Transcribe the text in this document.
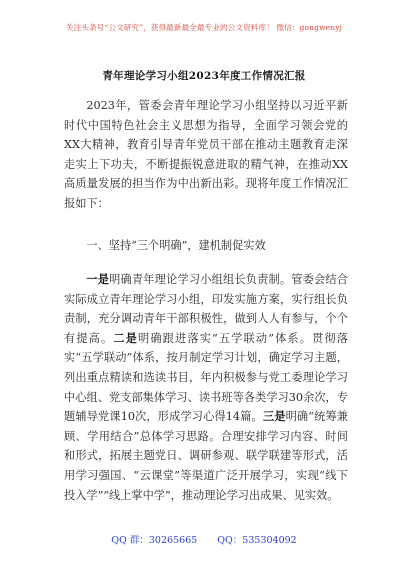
关注头条号“公文研究”，获得最新最全最专业的公文资料库！ 微信：gongwenyj
青年理论学习小组2023年度工作情况汇报
2023年，管委会青年理论学习小组坚持以习近平新时代中国特色社会主义思想为指导，全面学习领会党的XX大精神，教育引导青年党员干部在推动主题教育走深走实上下功夫，不断提振锐意进取的精气神，在推动XX高质量发展的担当作为中出新出彩。现将年度工作情况汇报如下：
一、坚持“三个明确”，建机制促实效
一是明确青年理论学习小组组长负责制。管委会结合实际成立青年理论学习小组，印发实施方案，实行组长负责制，充分调动青年干部积极性，做到人人有参与，个个有提高。二是明确跟进落实“五学联动”体系。贯彻落实“五学联动”体系，按月制定学习计划，确定学习主题，列出重点精读和选读书目，年内积极参与党工委理论学习中心组、党支部集体学习、读书班等各类学习30余次，专题辅导党课10次，形成学习心得14篇。三是明确“统筹兼顾、学用结合”总体学习思路。合理安排学习内容、时间和形式，拓展主题党日、调研参观、联学联建等形式，活用学习强国、“云课堂”等渠道广泛开展学习，实现“线下投入学”“线上掌中学”，推动理论学习出成果、见实效。
QQ 群：30265665 QQ：535304092
